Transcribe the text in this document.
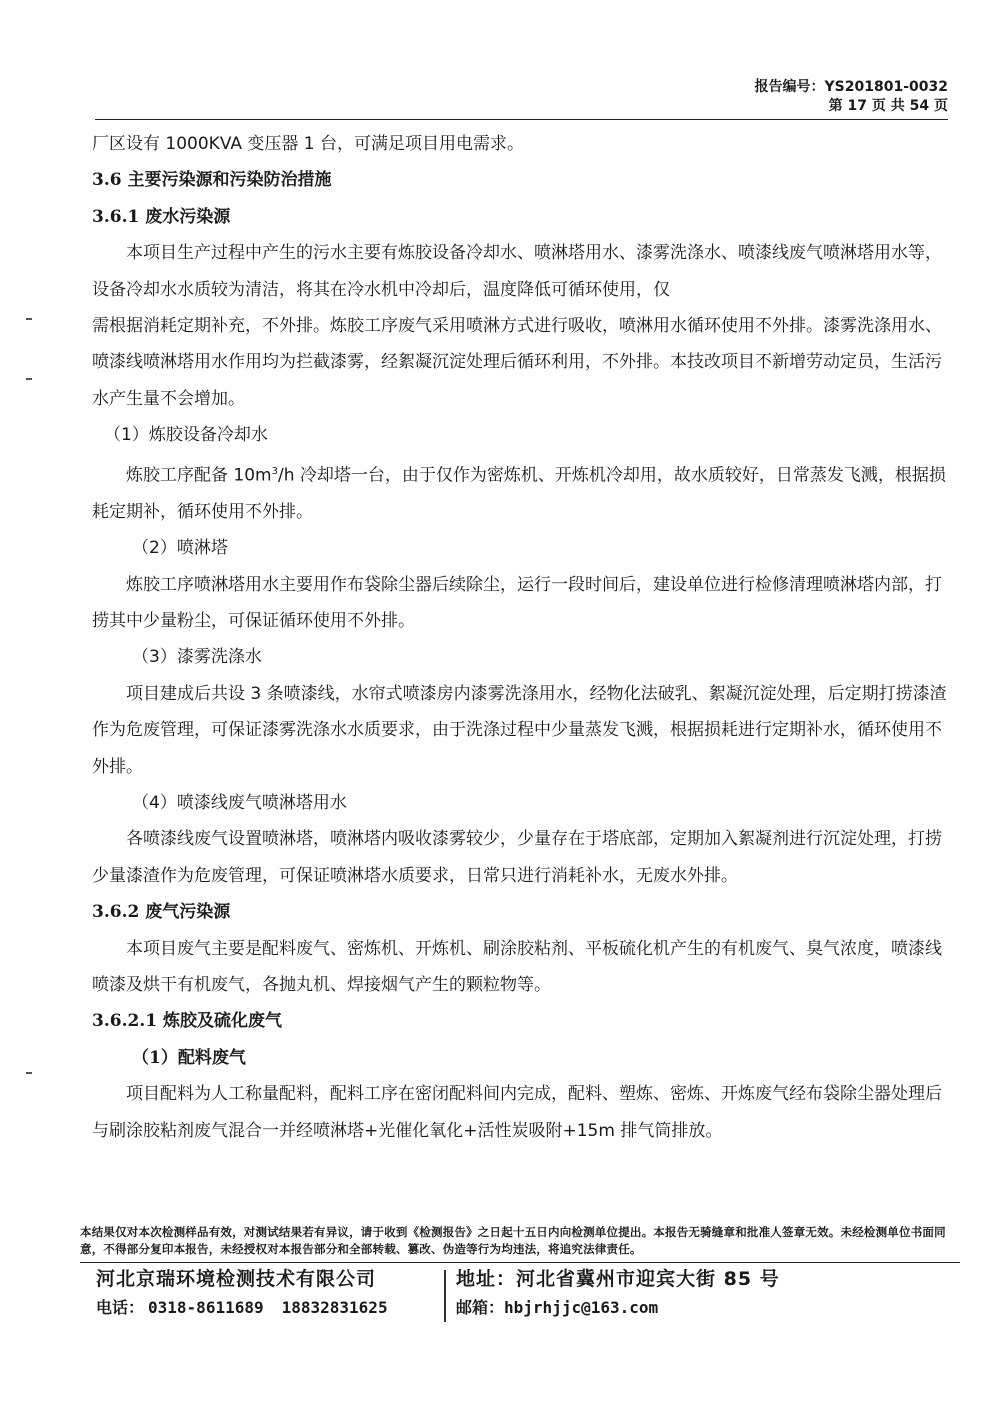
报告编号：YS201801-0032
第 17 页 共 54 页

厂区设有 1000KVA 变压器 1 台，可满足项目用电需求。

3.6 主要污染源和污染防治措施

3.6.1 废水污染源

本项目生产过程中产生的污水主要有炼胶设备冷却水、喷淋塔用水、漆雾洗涤水、喷漆线废气喷淋塔用水等，设备冷却水水质较为清洁，将其在冷水机中冷却后，温度降低可循环使用，仅

需根据消耗定期补充，不外排。炼胶工序废气采用喷淋方式进行吸收，喷淋用水循环使用不外排。漆雾洗涤用水、喷漆线喷淋塔用水作用均为拦截漆雾，经絮凝沉淀处理后循环利用，不外排。本技改项目不新增劳动定员，生活污水产生量不会增加。

（1）炼胶设备冷却水

炼胶工序配备 $10m^3/h$ 冷却塔一台，由于仅作为密炼机、开炼机冷却用，故水质较好，日常蒸发飞溅，根据损耗定期补，循环使用不外排。

（2）喷淋塔

炼胶工序喷淋塔用水主要用作布袋除尘器后续除尘，运行一段时间后，建设单位进行检修清理喷淋塔内部，打捞其中少量粉尘，可保证循环使用不外排。

（3）漆雾洗涤水

项目建成后共设 3 条喷漆线，水帘式喷漆房内漆雾洗涤用水，经物化法破乳、絮凝沉淀处理，后定期打捞漆渣作为危废管理，可保证漆雾洗涤水水质要求，由于洗涤过程中少量蒸发飞溅，根据损耗进行定期补水，循环使用不外排。

（4）喷漆线废气喷淋塔用水

各喷漆线废气设置喷淋塔，喷淋塔内吸收漆雾较少，少量存在于塔底部，定期加入絮凝剂进行沉淀处理，打捞少量漆渣作为危废管理，可保证喷淋塔水质要求，日常只进行消耗补水，无废水外排。

3.6.2 废气污染源

本项目废气主要是配料废气、密炼机、开炼机、刷涂胶粘剂、平板硫化机产生的有机废气、臭气浓度，喷漆线喷漆及烘干有机废气，各抛丸机、焊接烟气产生的颗粒物等。

3.6.2.1 炼胶及硫化废气

（1）配料废气

项目配料为人工称量配料，配料工序在密闭配料间内完成，配料、塑炼、密炼、开炼废气经布袋除尘器处理后与刷涂胶粘剂废气混合一并经喷淋塔+光催化氧化+活性炭吸附+15m 排气筒排放。

本结果仅对本次检测样品有效，对测试结果若有异议，请于收到《检测报告》之日起十五日内向检测单位提出。本报告无骑缝章和批准人签章无效。未经检测单位书面同意，不得部分复印本报告，未经授权对本报告部分和全部转载、篡改、伪造等行为均违法，将追究法律责任。
河北京瑞环境检测技术有限公司
电话： 0318-8611689 18832831625
地址：河北省冀州市迎宾大街 85 号
邮箱：hbjrhjjc@163.com
